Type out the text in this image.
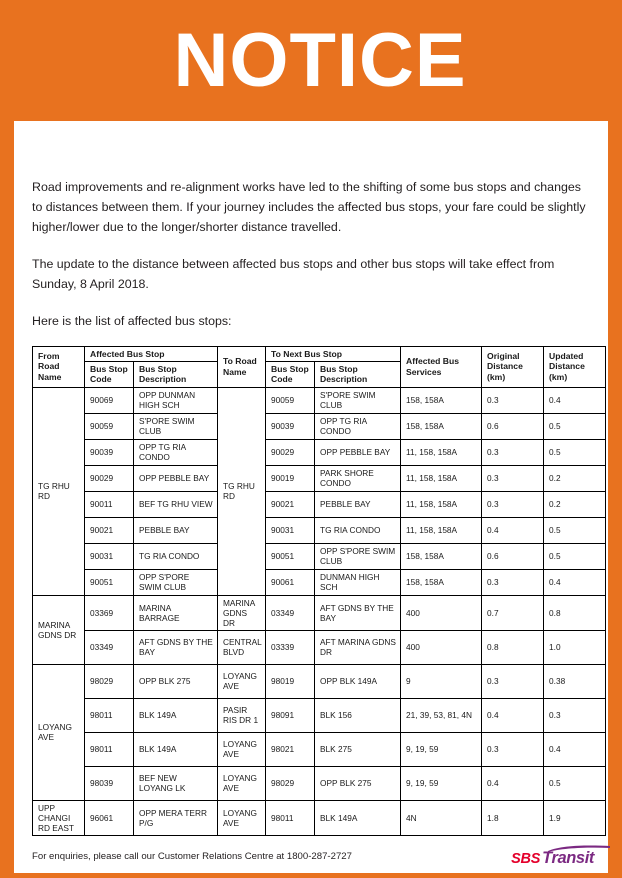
NOTICE
Road improvements and re-alignment works have led to the shifting of some bus stops and changes to distances between them. If your journey includes the affected bus stops, your fare could be slightly higher/lower due to the longer/shorter distance travelled.
The update to the distance between affected bus stops and other bus stops will take effect from Sunday, 8 April 2018.
Here is the list of affected bus stops:
From Road Name	Affected Bus Stop		To Road Name	To Next Bus Stop		Affected Bus Services	Original Distance (km)	Updated Distance (km)
	Bus Stop Code	Bus Stop Description		Bus Stop Code	Bus Stop Description			
TG RHU RD	90069	OPP DUNMAN HIGH SCH	TG RHU RD	90059	S'PORE SWIM CLUB	158, 158A	0.3	0.4
	90059	S'PORE SWIM CLUB		90039	OPP TG RIA CONDO	158, 158A	0.6	0.5
	90039	OPP TG RIA CONDO		90029	OPP PEBBLE BAY	11, 158, 158A	0.3	0.5
	90029	OPP PEBBLE BAY		90019	PARK SHORE CONDO	11, 158, 158A	0.3	0.2
	90011	BEF TG RHU VIEW		90021	PEBBLE BAY	11, 158, 158A	0.3	0.2
	90021	PEBBLE BAY		90031	TG RIA CONDO	11, 158, 158A	0.4	0.5
	90031	TG RIA CONDO		90051	OPP S'PORE SWIM CLUB	158, 158A	0.6	0.5
	90051	OPP S'PORE SWIM CLUB		90061	DUNMAN HIGH SCH	158, 158A	0.3	0.4
MARINA GDNS DR	03369	MARINA BARRAGE	MARINA GDNS DR	03349	AFT GDNS BY THE BAY	400	0.7	0.8
	03349	AFT GDNS BY THE BAY	CENTRAL BLVD	03339	AFT MARINA GDNS DR	400	0.8	1.0
LOYANG AVE	98029	OPP BLK 275	LOYANG AVE	98019	OPP BLK 149A	9	0.3	0.38
	98011	BLK 149A	PASIR RIS DR 1	98091	BLK 156	21, 39, 53, 81, 4N	0.4	0.3
	98011	BLK 149A	LOYANG AVE	98021	BLK 275	9, 19, 59	0.3	0.4
	98039	BEF NEW LOYANG LK	LOYANG AVE	98029	OPP BLK 275	9, 19, 59	0.4	0.5
UPP CHANGI RD EAST	96061	OPP MERA TERR P/G	LOYANG AVE	98011	BLK 149A	4N	1.8	1.9
For enquiries, please call our Customer Relations Centre at 1800-287-2727	SBS Transit
